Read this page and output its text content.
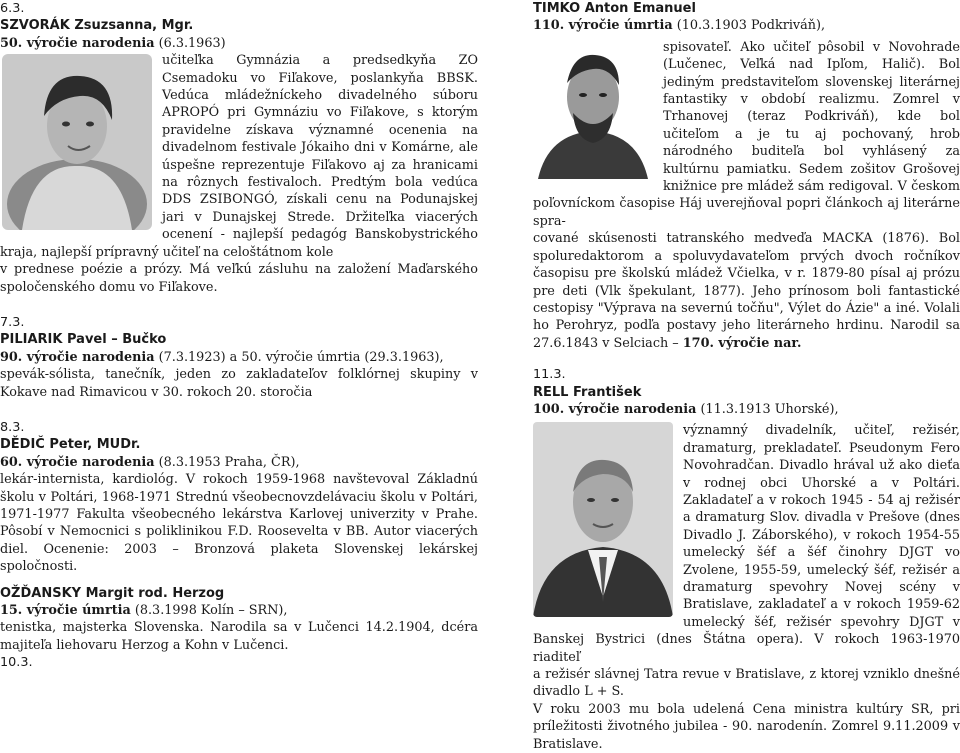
6.3.

SZVORÁK Zsuzsanna, Mgr.

50. výročie narodenia (6.3.1963)

učiteľka Gymnázia a predsedkyňa ZO Csemadoku vo Fiľakove, poslankyňa BBSK. Vedúca mládežníckeho divadelného súboru APROPÓ pri Gymnáziu vo Fiľakove, s ktorým pravidelne získava významné ocenenia na divadelnom festivale Jókaiho dni v Komárne, ale úspešne reprezentuje Fiľakovo aj za hranicami na rôznych festivaloch. Predtým bola vedúca DDS ZSIBONGÓ, získali cenu na Podunajskej jari v Dunajskej Strede. Držiteľka viacerých ocenení - najlepší pedagóg Banskobystrického kraja, najlepší prípravný učiteľ na celoštátnom kole

v prednese poézie a prózy. Má veľkú zásluhu na založení Maďarského spoločenského domu vo Fiľakove.

7.3.

PILIARIK Pavel – Bučko

90. výročie narodenia (7.3.1923) a 50. výročie úmrtia (29.3.1963),

spevák-sólista, tanečník, jeden zo zakladateľov folklórnej skupiny v Kokave nad Rimavicou v 30. rokoch 20. storočia

8.3.

DĚDIČ Peter, MUDr.

60. výročie narodenia (8.3.1953 Praha, ČR),

lekár-internista, kardiológ. V rokoch 1959-1968 navštevoval Základnú školu v Poltári, 1968-1971 Strednú všeobecnovzdelávaciu školu v Poltári, 1971-1977 Fakulta všeobecného lekárstva Karlovej univerzity v Prahe. Pôsobí v Nemocnici s poliklinikou F.D. Roosevelta v BB. Autor viacerých diel. Ocenenie: 2003 – Bronzová plaketa Slovenskej lekárskej spoločnosti.

OŽĎANSKY Margit rod. Herzog

15. výročie úmrtia (8.3.1998 Kolín – SRN),

tenistka, majsterka Slovenska. Narodila sa v Lučenci 14.2.1904, dcéra majiteľa liehovaru Herzog a Kohn v Lučenci.

10.3.

TIMKO Anton Emanuel

110. výročie úmrtia (10.3.1903 Podkriváň),

spisovateľ. Ako učiteľ pôsobil v Novohrade (Lučenec, Veľká nad Ipľom, Halič). Bol jediným predstaviteľom slovenskej literárnej fantastiky v období realizmu. Zomrel v Trhanovej (teraz Podkriváň), kde bol učiteľom a je tu aj pochovaný, hrob národného buditeľa bol vyhlásený za kultúrnu pamiatku. Sedem zošitov Grošovej knižnice pre mládež sám redigoval. V českom poľovníckom časopise Háj uverejňoval popri článkoch aj literárne spra-

cované skúsenosti tatranského medveďa MACKA (1876). Bol spoluredaktorom a spoluvydavateľom prvých dvoch ročníkov časopisu pre školskú mládež Včielka, v r. 1879-80 písal aj prózu pre deti (Vlk špekulant, 1877). Jeho prínosom boli fantastické cestopisy "Výprava na severnú točňu", Výlet do Ázie" a iné. Volali ho Perohryz, podľa postavy jeho literárneho hrdinu. Narodil sa 27.6.1843 v Selciach – 170. výročie nar.

11.3.

RELL František

100. výročie narodenia (11.3.1913 Uhorské),

významný divadelník, učiteľ, režisér, dramaturg, prekladateľ. Pseudonym Fero Novohradčan. Divadlo hrával už ako dieťa v rodnej obci Uhorské a v Poltári. Zakladateľ a v rokoch 1945 - 54 aj režisér a dramaturg Slov. divadla v Prešove (dnes Divadlo J. Záborského), v rokoch 1954-55 umelecký šéf a šéf činohry DJGT vo Zvolene, 1955-59, umelecký šéf, režisér a dramaturg spevohry Novej scény v Bratislave, zakladateľ a v rokoch 1959-62 umelecký šéf, režisér spevohry DJGT v Banskej Bystrici (dnes Štátna opera). V rokoch 1963-1970 riaditeľ

a režisér slávnej Tatra revue v Bratislave, z ktorej vzniklo dnešné divadlo L + S.

V roku 2003 mu bola udelená Cena ministra kultúry SR, pri príležitosti životného jubilea - 90. narodenín. Zomrel 9.11.2009 v Bratislave.
